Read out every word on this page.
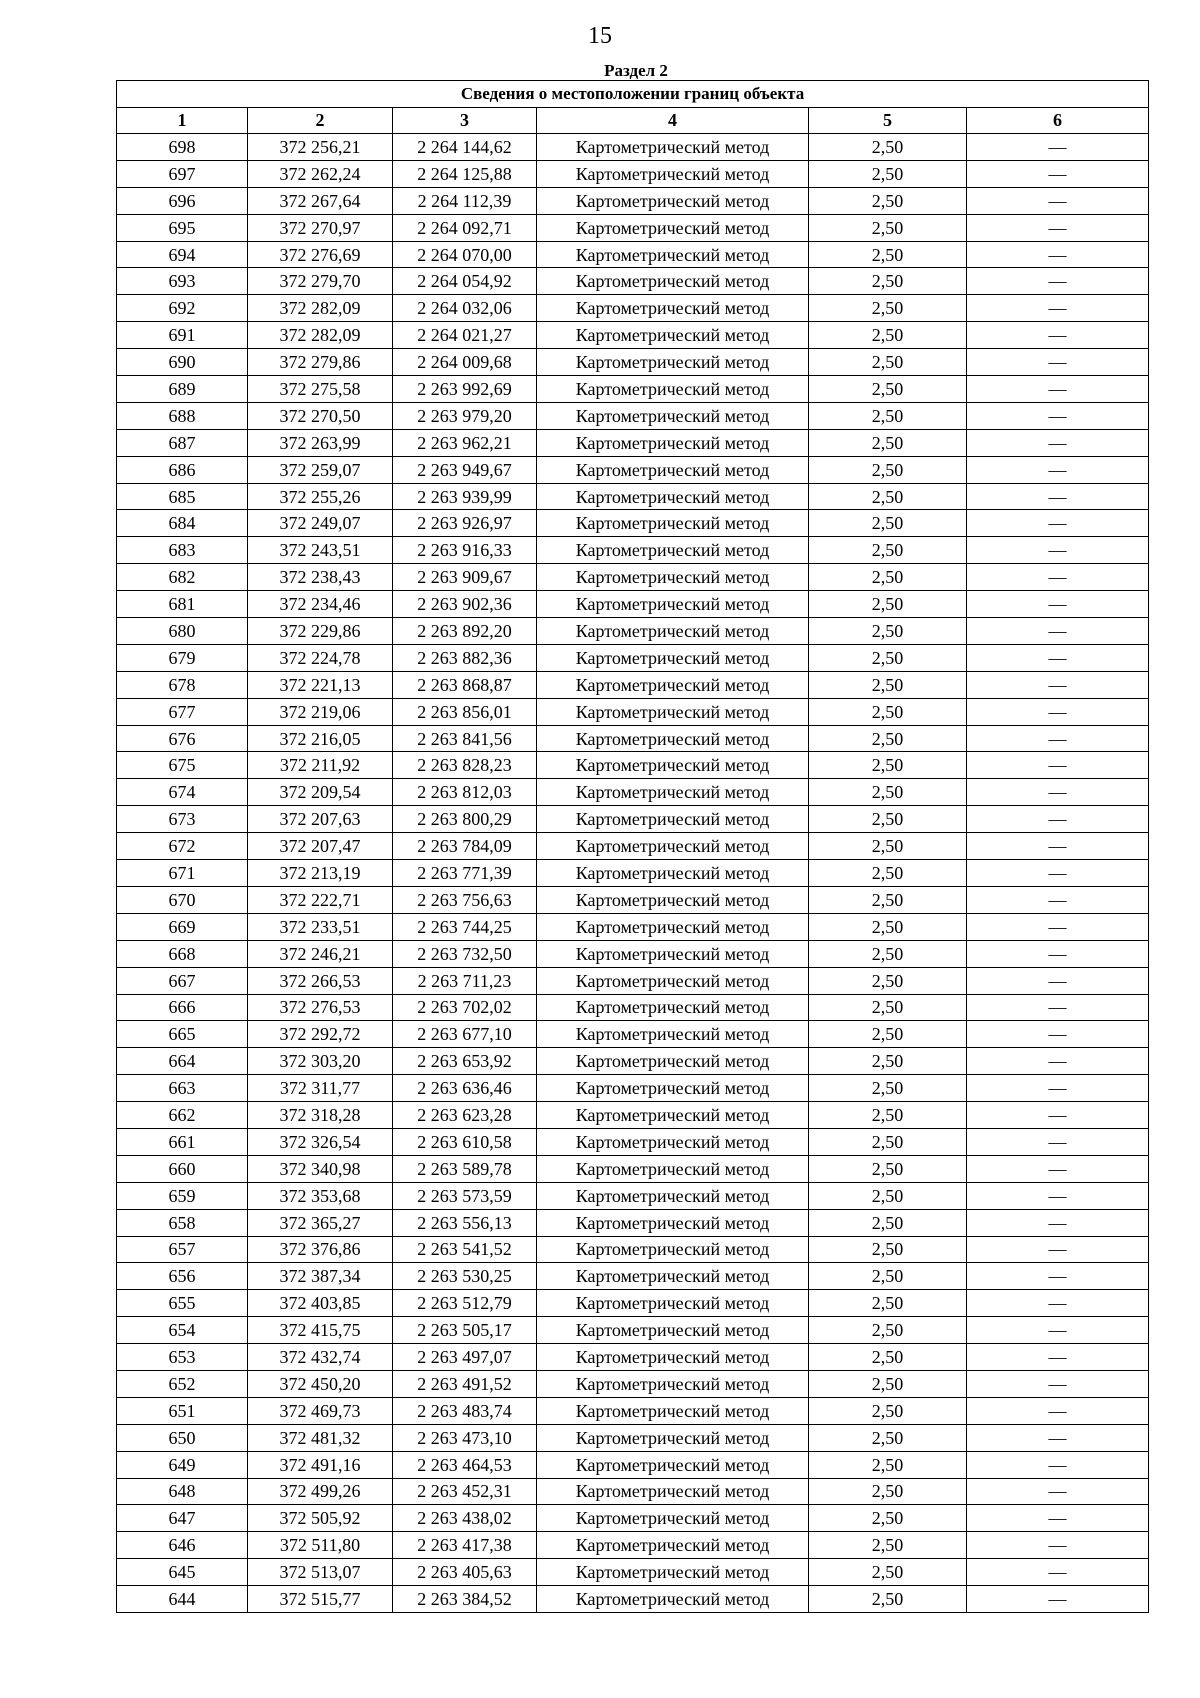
15
Раздел 2
Сведения о местоположении границ объекта					
1	2	3	4	5	6
698	372 256,21	2 264 144,62	Картометрический метод	2,50	—
697	372 262,24	2 264 125,88	Картометрический метод	2,50	—
696	372 267,64	2 264 112,39	Картометрический метод	2,50	—
695	372 270,97	2 264 092,71	Картометрический метод	2,50	—
694	372 276,69	2 264 070,00	Картометрический метод	2,50	—
693	372 279,70	2 264 054,92	Картометрический метод	2,50	—
692	372 282,09	2 264 032,06	Картометрический метод	2,50	—
691	372 282,09	2 264 021,27	Картометрический метод	2,50	—
690	372 279,86	2 264 009,68	Картометрический метод	2,50	—
689	372 275,58	2 263 992,69	Картометрический метод	2,50	—
688	372 270,50	2 263 979,20	Картометрический метод	2,50	—
687	372 263,99	2 263 962,21	Картометрический метод	2,50	—
686	372 259,07	2 263 949,67	Картометрический метод	2,50	—
685	372 255,26	2 263 939,99	Картометрический метод	2,50	—
684	372 249,07	2 263 926,97	Картометрический метод	2,50	—
683	372 243,51	2 263 916,33	Картометрический метод	2,50	—
682	372 238,43	2 263 909,67	Картометрический метод	2,50	—
681	372 234,46	2 263 902,36	Картометрический метод	2,50	—
680	372 229,86	2 263 892,20	Картометрический метод	2,50	—
679	372 224,78	2 263 882,36	Картометрический метод	2,50	—
678	372 221,13	2 263 868,87	Картометрический метод	2,50	—
677	372 219,06	2 263 856,01	Картометрический метод	2,50	—
676	372 216,05	2 263 841,56	Картометрический метод	2,50	—
675	372 211,92	2 263 828,23	Картометрический метод	2,50	—
674	372 209,54	2 263 812,03	Картометрический метод	2,50	—
673	372 207,63	2 263 800,29	Картометрический метод	2,50	—
672	372 207,47	2 263 784,09	Картометрический метод	2,50	—
671	372 213,19	2 263 771,39	Картометрический метод	2,50	—
670	372 222,71	2 263 756,63	Картометрический метод	2,50	—
669	372 233,51	2 263 744,25	Картометрический метод	2,50	—
668	372 246,21	2 263 732,50	Картометрический метод	2,50	—
667	372 266,53	2 263 711,23	Картометрический метод	2,50	—
666	372 276,53	2 263 702,02	Картометрический метод	2,50	—
665	372 292,72	2 263 677,10	Картометрический метод	2,50	—
664	372 303,20	2 263 653,92	Картометрический метод	2,50	—
663	372 311,77	2 263 636,46	Картометрический метод	2,50	—
662	372 318,28	2 263 623,28	Картометрический метод	2,50	—
661	372 326,54	2 263 610,58	Картометрический метод	2,50	—
660	372 340,98	2 263 589,78	Картометрический метод	2,50	—
659	372 353,68	2 263 573,59	Картометрический метод	2,50	—
658	372 365,27	2 263 556,13	Картометрический метод	2,50	—
657	372 376,86	2 263 541,52	Картометрический метод	2,50	—
656	372 387,34	2 263 530,25	Картометрический метод	2,50	—
655	372 403,85	2 263 512,79	Картометрический метод	2,50	—
654	372 415,75	2 263 505,17	Картометрический метод	2,50	—
653	372 432,74	2 263 497,07	Картометрический метод	2,50	—
652	372 450,20	2 263 491,52	Картометрический метод	2,50	—
651	372 469,73	2 263 483,74	Картометрический метод	2,50	—
650	372 481,32	2 263 473,10	Картометрический метод	2,50	—
649	372 491,16	2 263 464,53	Картометрический метод	2,50	—
648	372 499,26	2 263 452,31	Картометрический метод	2,50	—
647	372 505,92	2 263 438,02	Картометрический метод	2,50	—
646	372 511,80	2 263 417,38	Картометрический метод	2,50	—
645	372 513,07	2 263 405,63	Картометрический метод	2,50	—
644	372 515,77	2 263 384,52	Картометрический метод	2,50	—
